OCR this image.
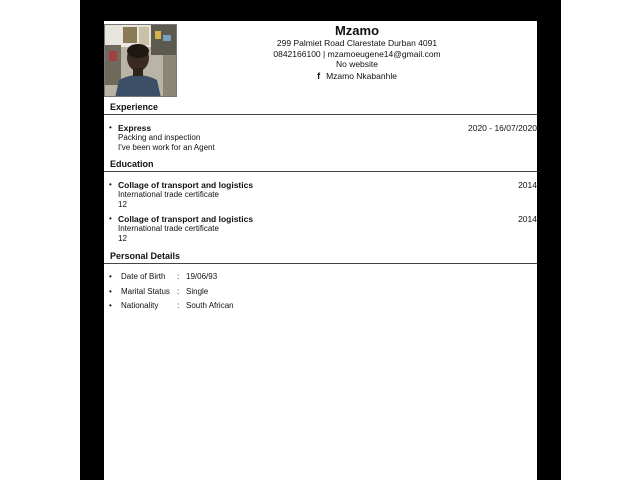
Mzamo
299 Palmiet Road Clarestate Durban 4091
0842166100 | mzamoeugene14@gmail.com
No website
f Mzamo Nkabanhle
Experience
• Express	2020 - 16/07/2020
Packing and inspection
I've been work for an Agent
Education
• Collage of transport and logistics	2014
International trade certificate
12
• Collage of transport and logistics	2014
International trade certificate
12
Personal Details
• Date of Birth : 19/06/93
• Marital Status : Single
• Nationality : South African
